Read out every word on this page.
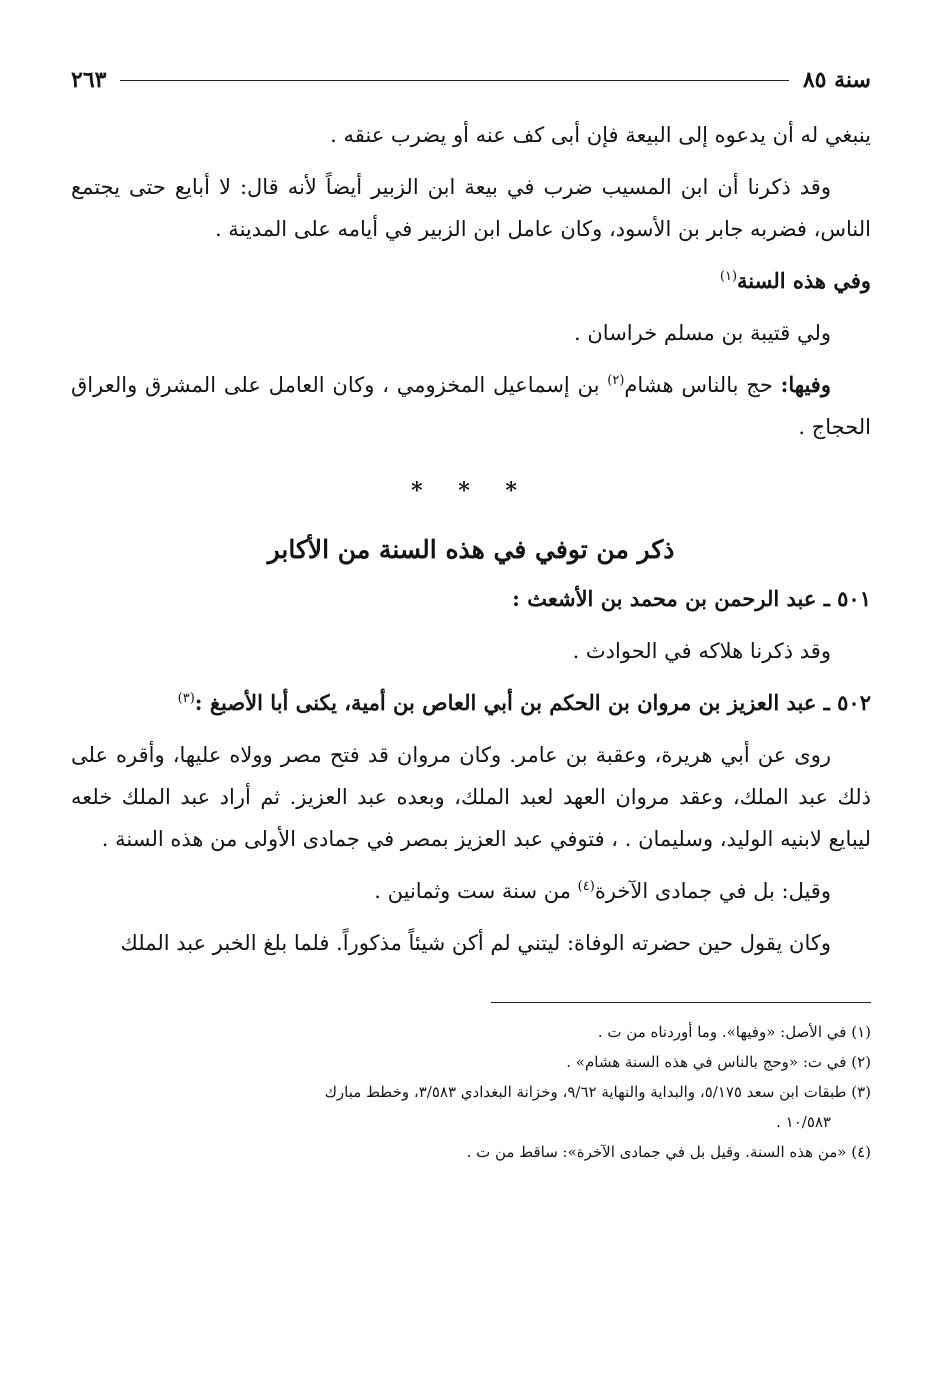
سنة ٨٥
٢٦٣

ينبغي له أن يدعوه إلى البيعة فإن أبى كف عنه أو يضرب عنقه .

وقد ذكرنا أن ابن المسيب ضرب في بيعة ابن الزبير أيضاً لأنه قال: لا أبايع حتى يجتمع الناس، فضربه جابر بن الأسود، وكان عامل ابن الزبير في أيامه على المدينة .

وفي هذه السنة$^{(١)}$

ولي قتيبة بن مسلم خراسان .

وفيها: حج بالناس هشام$^{(٢)}$ بن إسماعيل المخزومي ، وكان العامل على المشرق والعراق الحجاج .

* * *
ذكر من توفي في هذه السنة من الأكابر

٥٠١ ـ عبد الرحمن بن محمد بن الأشعث :

وقد ذكرنا هلاكه في الحوادث .

٥٠٢ ـ عبد العزيز بن مروان بن الحكم بن أبي العاص بن أمية، يكنى أبا الأصبغ :$^{(٣)}$

روى عن أبي هريرة، وعقبة بن عامر. وكان مروان قد فتح مصر وولاه عليها، وأقره على ذلك عبد الملك، وعقد مروان العهد لعبد الملك، وبعده عبد العزيز. ثم أراد عبد الملك خلعه ليبايع لابنيه الوليد، وسليمان . ، فتوفي عبد العزيز بمصر في جمادى الأولى من هذه السنة .

وقيل: بل في جمادى الآخرة$^{(٤)}$ من سنة ست وثمانين .

وكان يقول حين حضرته الوفاة: ليتني لم أكن شيئاً مذكوراً. فلما بلغ الخبر عبد الملك

(١) في الأصل: «وفيها». وما أوردناه من ت .

(٢) في ت: «وحج بالناس في هذه السنة هشام» .

(٣) طبقات ابن سعد ٥/١٧٥، والبداية والنهاية ٩/٦٢، وخزانة البغدادي ٣/٥٨٣، وخطط مبارك
١٠/٥٨٣ .

(٤) «من هذه السنة. وقيل بل في جمادى الآخرة»: ساقط من ت .
